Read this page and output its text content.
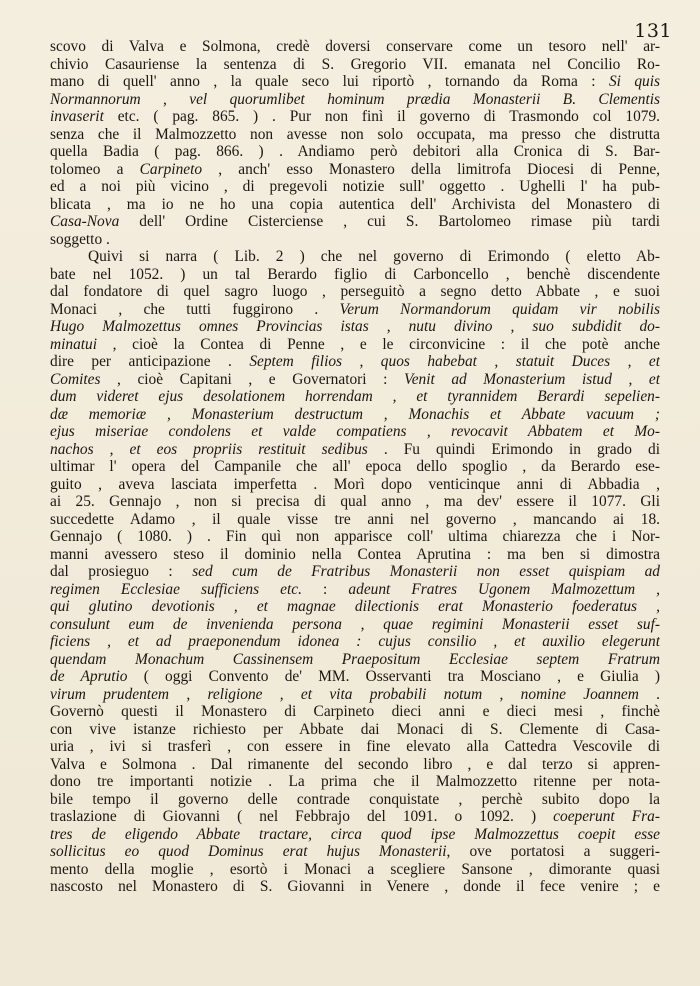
131
scovo di Valva e Solmona, credè doversi conservare come un tesoro nell' ar-
chivio Casauriense la sentenza di S. Gregorio VII. emanata nel Concilio Ro-
mano di quell' anno , la quale seco lui riportò , tornando da Roma : Si quis
Normannorum , vel quorumlibet hominum prædia Monasterii B. Clementis
invaserit etc. ( pag. 865. ) . Pur non finì il governo di Trasmondo col 1079.
senza che il Malmozzetto non avesse non solo occupata, ma presso che distrutta
quella Badia ( pag. 866. ) . Andiamo però debitori alla Cronica di S. Bar-
tolomeo a Carpineto , anch' esso Monastero della limitrofa Diocesi di Penne,
ed a noi più vicino , di pregevoli notizie sull' oggetto . Ughelli l' ha pub-
blicata , ma io ne ho una copia autentica dell' Archivista del Monastero di
Casa-Nova dell' Ordine Cisterciense , cui S. Bartolomeo rimase più tardi
soggetto .
Quivi si narra ( Lib. 2 ) che nel governo di Erimondo ( eletto Ab-
bate nel 1052. ) un tal Berardo figlio di Carboncello , benchè discendente
dal fondatore di quel sagro luogo , perseguitò a segno detto Abbate , e suoi
Monaci , che tutti fuggirono . Verum Normandorum quidam vir nobilis
Hugo Malmozettus omnes Provincias istas , nutu divino , suo subdidit do-
minatui , cioè la Contea di Penne , e le circonvicine : il che potè anche
dire per anticipazione . Septem filios , quos habebat , statuit Duces , et
Comites , cioè Capitani , e Governatori : Venit ad Monasterium istud , et
dum videret ejus desolationem horrendam , et tyrannidem Berardi sepelien-
dæ memoriæ , Monasterium destructum , Monachis et Abbate vacuum ;
ejus miseriae condolens et valde compatiens , revocavit Abbatem et Mo-
nachos , et eos propriis restituit sedibus . Fu quindi Erimondo in grado di
ultimar l' opera del Campanile che all' epoca dello spoglio , da Berardo ese-
guito , aveva lasciata imperfetta . Morì dopo venticinque anni di Abbadia ,
ai 25. Gennajo , non si precisa di qual anno , ma dev' essere il 1077. Gli
succedette Adamo , il quale visse tre anni nel governo , mancando ai 18.
Gennajo ( 1080. ) . Fin quì non apparisce coll' ultima chiarezza che i Nor-
manni avessero steso il dominio nella Contea Aprutina : ma ben si dimostra
dal prosieguo : sed cum de Fratribus Monasterii non esset quispiam ad
regimen Ecclesiae sufficiens etc. : adeunt Fratres Ugonem Malmozettum ,
qui glutino devotionis , et magnae dilectionis erat Monasterio foederatus ,
consulunt eum de invenienda persona , quae regimini Monasterii esset suf-
ficiens , et ad praeponendum idonea : cujus consilio , et auxilio elegerunt
quendam Monachum Cassinensem Praepositum Ecclesiae septem Fratrum
de Aprutio ( oggi Convento de' MM. Osservanti tra Mosciano , e Giulia )
virum prudentem , religione , et vita probabili notum , nomine Joannem .
Governò questi il Monastero di Carpineto dieci anni e dieci mesi , finchè
con vive istanze richiesto per Abbate dai Monaci di S. Clemente di Casa-
uria , ivi si trasferì , con essere in fine elevato alla Cattedra Vescovile di
Valva e Solmona . Dal rimanente del secondo libro , e dal terzo si appren-
dono tre importanti notizie . La prima che il Malmozzetto ritenne per nota-
bile tempo il governo delle contrade conquistate , perchè subito dopo la
traslazione di Giovanni ( nel Febbrajo del 1091. o 1092. ) coeperunt Fra-
tres de eligendo Abbate tractare, circa quod ipse Malmozzettus coepit esse
sollicitus eo quod Dominus erat hujus Monasterii, ove portatosi a suggeri-
mento della moglie , esortò i Monaci a scegliere Sansone , dimorante quasi
nascosto nel Monastero di S. Giovanni in Venere , donde il fece venire ; e
